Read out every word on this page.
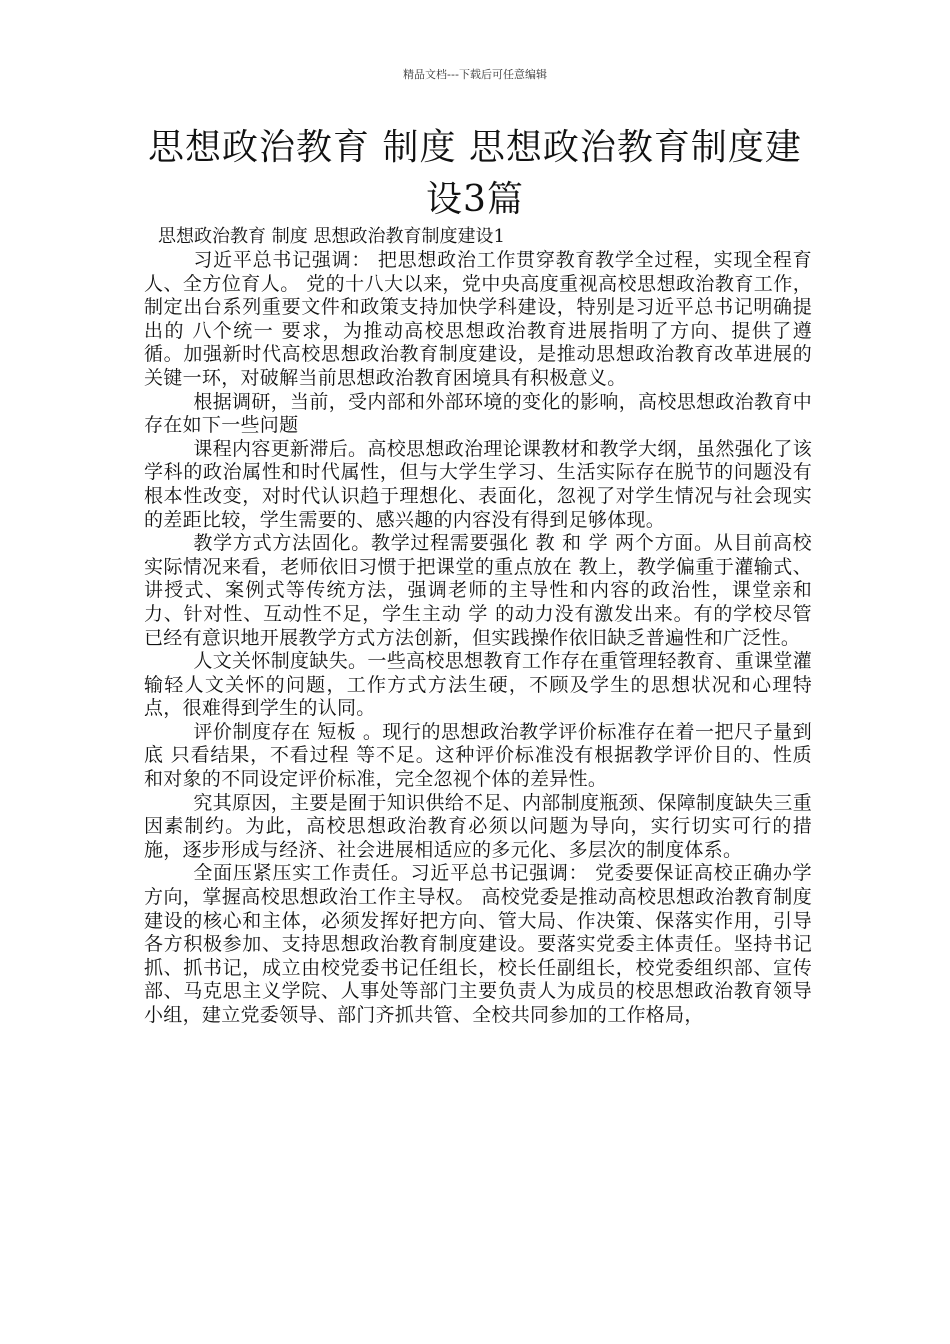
精品文档---下载后可任意编辑
思想政治教育 制度 思想政治教育制度建
设3篇

思想政治教育 制度 思想政治教育制度建设1

习近平总书记强调： 把思想政治工作贯穿教育教学全过程，实现全程育人、全方位育人。 党的十八大以来，党中央高度重视高校思想政治教育工作，制定出台系列重要文件和政策支持加快学科建设，特别是习近平总书记明确提出的 八个统一 要求，为推动高校思想政治教育进展指明了方向、提供了遵循。加强新时代高校思想政治教育制度建设，是推动思想政治教育改革进展的关键一环，对破解当前思想政治教育困境具有积极意义。

根据调研，当前，受内部和外部环境的变化的影响，高校思想政治教育中存在如下一些问题

课程内容更新滞后。高校思想政治理论课教材和教学大纲，虽然强化了该学科的政治属性和时代属性，但与大学生学习、生活实际存在脱节的问题没有根本性改变，对时代认识趋于理想化、表面化，忽视了对学生情况与社会现实的差距比较，学生需要的、感兴趣的内容没有得到足够体现。

教学方式方法固化。教学过程需要强化 教 和 学 两个方面。从目前高校实际情况来看，老师依旧习惯于把课堂的重点放在 教上，教学偏重于灌输式、讲授式、案例式等传统方法，强调老师的主导性和内容的政治性，课堂亲和力、针对性、互动性不足，学生主动 学 的动力没有激发出来。有的学校尽管已经有意识地开展教学方式方法创新，但实践操作依旧缺乏普遍性和广泛性。

人文关怀制度缺失。一些高校思想教育工作存在重管理轻教育、重课堂灌输轻人文关怀的问题，工作方式方法生硬，不顾及学生的思想状况和心理特点，很难得到学生的认同。

评价制度存在 短板 。现行的思想政治教学评价标准存在着一把尺子量到底 只看结果，不看过程 等不足。这种评价标准没有根据教学评价目的、性质和对象的不同设定评价标准，完全忽视个体的差异性。

究其原因，主要是囿于知识供给不足、内部制度瓶颈、保障制度缺失三重因素制约。为此，高校思想政治教育必须以问题为导向，实行切实可行的措施，逐步形成与经济、社会进展相适应的多元化、多层次的制度体系。

全面压紧压实工作责任。习近平总书记强调： 党委要保证高校正确办学方向，掌握高校思想政治工作主导权。 高校党委是推动高校思想政治教育制度建设的核心和主体，必须发挥好把方向、管大局、作决策、保落实作用，引导各方积极参加、支持思想政治教育制度建设。要落实党委主体责任。坚持书记抓、抓书记，成立由校党委书记任组长，校长任副组长，校党委组织部、宣传部、马克思主义学院、人事处等部门主要负责人为成员的校思想政治教育领导小组，建立党委领导、部门齐抓共管、全校共同参加的工作格局，
